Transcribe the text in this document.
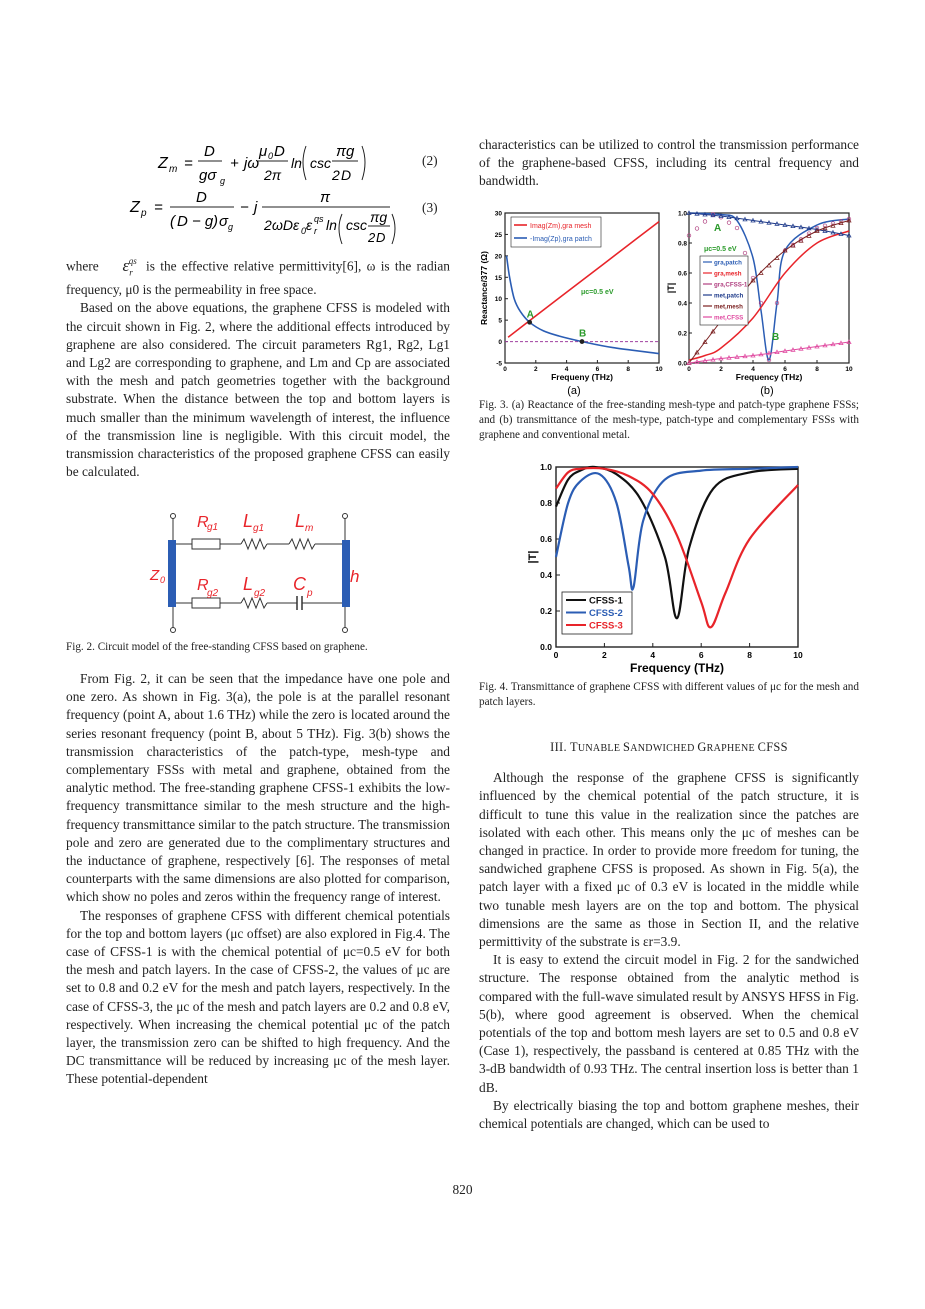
Z m =
D
gσ g
+ jω
μ 0 D
2π
ln csc
πg
2 D
(2)
Z p =
D
( D − g ) σ g
− j
π
2 ωDε 0 ε r
qs ln csc πg
2 D
(3)

where    $\varepsilon_r^{qs}$ is the effective relative permittivity[6], ω is the radian frequency, μ0 is the permeability in free space.

Based on the above equations, the graphene CFSS is modeled with the circuit shown in Fig. 2, where the additional effects introduced by graphene are also considered. The circuit parameters Rg1, Rg2, Lg1 and Lg2 are corresponding to graphene, and Lm and Cp are associated with the mesh and patch geometries together with the background substrate. When the distance between the top and bottom layers is much smaller than the minimum wavelength of interest, the influence of the transmission line is negligible. With this circuit model, the transmission characteristics of the proposed graphene CFSS can easily be calculated.

Z 0	h
R
g1 L g1 L m
R
g2 L g2 C p
Fig. 2. Circuit model of the free-standing CFSS based on graphene.

From Fig. 2, it can be seen that the impedance have one pole and one zero. As shown in Fig. 3(a), the pole is at the parallel resonant frequency (point A, about 1.6 THz) while the zero is located around the series resonant frequency (point B, about 5 THz). Fig. 3(b) shows the transmission characteristics of the patch-type, mesh-type and complementary FSSs with metal and graphene, obtained from the analytic method. The free-standing graphene CFSS-1 exhibits the low-frequency transmittance similar to the mesh structure and the high-frequency transmittance similar to the patch structure. The transmission pole and zero are generated due to the complimentary structures and the inductance of graphene, respectively [6]. The responses of metal counterparts with the same dimensions are also plotted for comparison, which show no poles and zeros within the frequency range of interest.

The responses of graphene CFSS with different chemical potentials for the top and bottom layers (μc offset) are also explored in Fig.4. The case of CFSS-1 is with the chemical potential of μc=0.5 eV for both the mesh and patch layers. In the case of CFSS-2, the values of μc are set to 0.8 and 0.2 eV for the mesh and patch layers, respectively. In the case of CFSS-3, the μc of the mesh and patch layers are 0.2 and 0.8 eV, respectively. When increasing the chemical potential μc of the patch layer, the transmission zero can be shifted to high frequency. And the DC transmittance will be reduced by increasing μc of the mesh layer. These potential-dependent

characteristics can be utilized to control the transmission performance of the graphene-based CFSS, including its central frequency and bandwidth.

0	2	4	6	8	10
-5
0
5
10
15
20
25
30
A
B
Imag(Zm),gra mesh
-Imag(Zp),gra patch
μc=0.5 eV
Frequeny (THz)
Reactance/377 (Ω)
(a)
0	2	4	6	8	10
0.0
0.2
0.4
0.6
0.8
1.0
A
B
μc=0.5 eV
gra,patch
gra,mesh
gra,CFSS-1
met,patch
met,mesh
met,CFSS
Frequency (THz)
|T|
(b)
Fig. 3. (a) Reactance of the free-standing mesh-type and patch-type graphene FSSs; and (b) transmittance of the mesh-type, patch-type and complementary FSSs with graphene and conventional metal.
0	2	4	6	8	10
0.0
0.2
0.4
0.6
0.8
1.0
CFSS-1
CFSS-2
CFSS-3
Frequency (THz)
|T|
Fig. 4. Transmittance of graphene CFSS with different values of μc for the mesh and patch layers.

III. TUNABLE SANDWICHED GRAPHENE CFSS

Although the response of the graphene CFSS is significantly influenced by the chemical potential of the patch structure, it is difficult to tune this value in the realization since the patches are isolated with each other. This means only the μc of meshes can be changed in practice. In order to provide more freedom for tuning, the sandwiched graphene CFSS is proposed. As shown in Fig. 5(a), the patch layer with a fixed μc of 0.3 eV is located in the middle while two tunable mesh layers are on the top and bottom. The physical dimensions are the same as those in Section II, and the relative permittivity of the substrate is εr=3.9.

It is easy to extend the circuit model in Fig. 2 for the sandwiched structure. The response obtained from the analytic method is compared with the full-wave simulated result by ANSYS HFSS in Fig. 5(b), where good agreement is observed. When the chemical potentials of the top and bottom mesh layers are set to 0.5 and 0.8 eV (Case 1), respectively, the passband is centered at 0.85 THz with the 3-dB bandwidth of 0.93 THz. The central insertion loss is better than 1 dB.

By electrically biasing the top and bottom graphene meshes, their chemical potentials are changed, which can be used to

820
